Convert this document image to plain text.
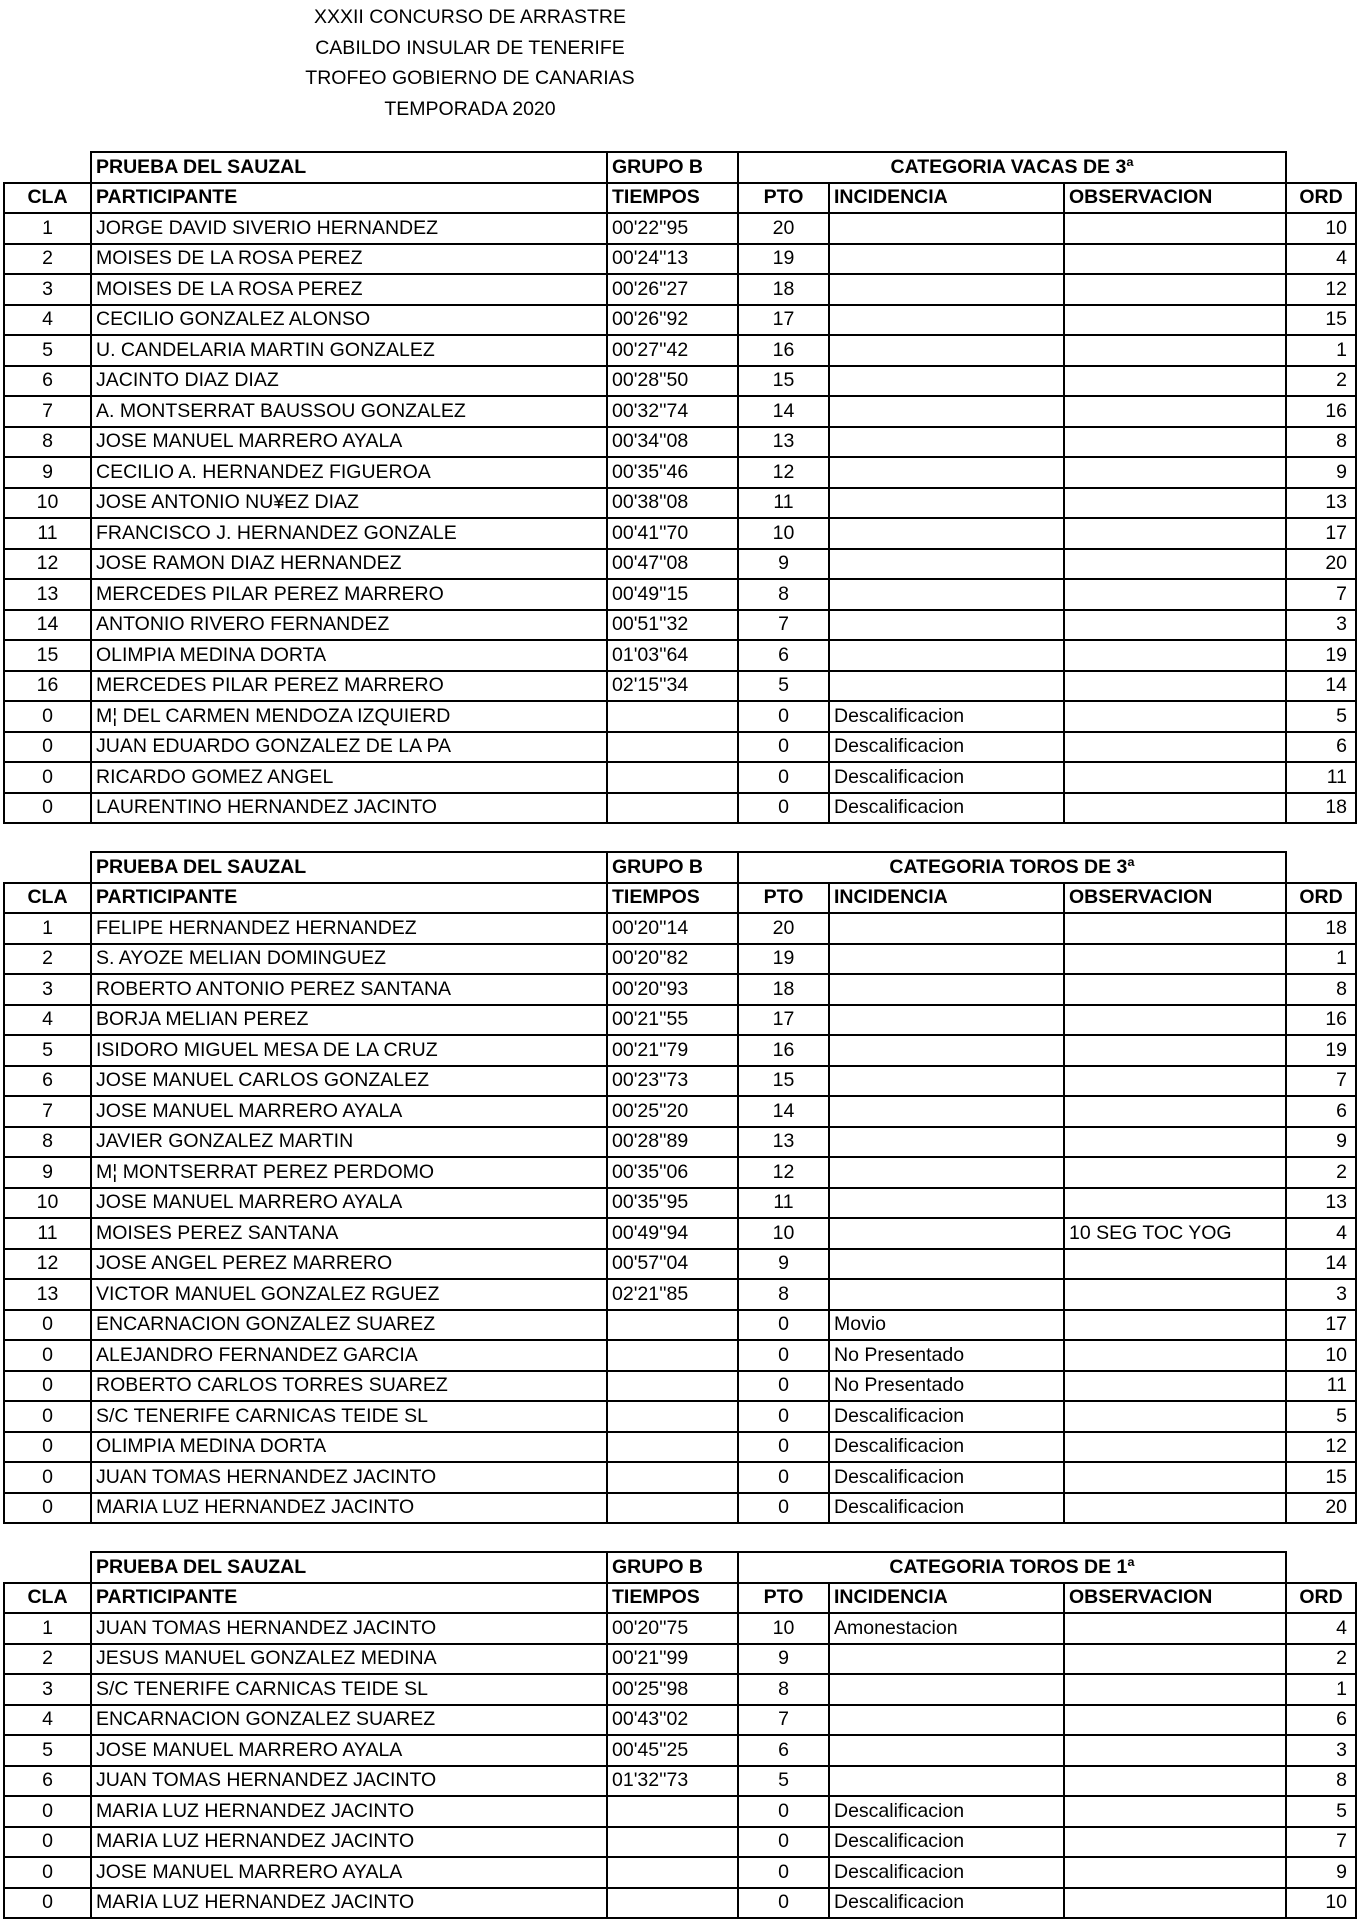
XXXII CONCURSO DE ARRASTRE
CABILDO INSULAR DE TENERIFE
TROFEO GOBIERNO DE CANARIAS
TEMPORADA 2020
	PRUEBA DEL SAUZAL	GRUPO B	CATEGORIA VACAS DE 3ª			
CLA	PARTICIPANTE	TIEMPOS	PTO	INCIDENCIA	OBSERVACION	ORD
1	JORGE DAVID SIVERIO HERNANDEZ	00'22''95	20			10
2	MOISES DE LA ROSA PEREZ	00'24''13	19			4
3	MOISES DE LA ROSA PEREZ	00'26''27	18			12
4	CECILIO GONZALEZ ALONSO	00'26''92	17			15
5	U. CANDELARIA MARTIN GONZALEZ	00'27''42	16			1
6	JACINTO DIAZ DIAZ	00'28''50	15			2
7	A. MONTSERRAT BAUSSOU GONZALEZ	00'32''74	14			16
8	JOSE MANUEL MARRERO AYALA	00'34''08	13			8
9	CECILIO A. HERNANDEZ FIGUEROA	00'35''46	12			9
10	JOSE ANTONIO NU¥EZ DIAZ	00'38''08	11			13
11	FRANCISCO J. HERNANDEZ GONZALE	00'41''70	10			17
12	JOSE RAMON DIAZ HERNANDEZ	00'47''08	9			20
13	MERCEDES PILAR PEREZ MARRERO	00'49''15	8			7
14	ANTONIO RIVERO FERNANDEZ	00'51''32	7			3
15	OLIMPIA MEDINA DORTA	01'03''64	6			19
16	MERCEDES PILAR PEREZ MARRERO	02'15''34	5			14
0	M¦ DEL CARMEN MENDOZA IZQUIERD		0	Descalificacion		5
0	JUAN EDUARDO GONZALEZ DE LA PA		0	Descalificacion		6
0	RICARDO GOMEZ ANGEL		0	Descalificacion		11
0	LAURENTINO HERNANDEZ JACINTO		0	Descalificacion		18
	PRUEBA DEL SAUZAL	GRUPO B	CATEGORIA TOROS DE 3ª			
CLA	PARTICIPANTE	TIEMPOS	PTO	INCIDENCIA	OBSERVACION	ORD
1	FELIPE HERNANDEZ HERNANDEZ	00'20''14	20			18
2	S. AYOZE MELIAN DOMINGUEZ	00'20''82	19			1
3	ROBERTO ANTONIO PEREZ SANTANA	00'20''93	18			8
4	BORJA MELIAN PEREZ	00'21''55	17			16
5	ISIDORO MIGUEL MESA DE LA CRUZ	00'21''79	16			19
6	JOSE MANUEL CARLOS GONZALEZ	00'23''73	15			7
7	JOSE MANUEL MARRERO AYALA	00'25''20	14			6
8	JAVIER GONZALEZ MARTIN	00'28''89	13			9
9	M¦ MONTSERRAT PEREZ PERDOMO	00'35''06	12			2
10	JOSE MANUEL MARRERO AYALA	00'35''95	11			13
11	MOISES PEREZ SANTANA	00'49''94	10		10 SEG TOC YOG	4
12	JOSE ANGEL PEREZ MARRERO	00'57''04	9			14
13	VICTOR MANUEL GONZALEZ RGUEZ	02'21''85	8			3
0	ENCARNACION GONZALEZ SUAREZ		0	Movio		17
0	ALEJANDRO FERNANDEZ GARCIA		0	No Presentado		10
0	ROBERTO CARLOS TORRES SUAREZ		0	No Presentado		11
0	S/C TENERIFE CARNICAS TEIDE SL		0	Descalificacion		5
0	OLIMPIA MEDINA DORTA		0	Descalificacion		12
0	JUAN TOMAS HERNANDEZ JACINTO		0	Descalificacion		15
0	MARIA LUZ HERNANDEZ JACINTO		0	Descalificacion		20
	PRUEBA DEL SAUZAL	GRUPO B	CATEGORIA TOROS DE 1ª			
CLA	PARTICIPANTE	TIEMPOS	PTO	INCIDENCIA	OBSERVACION	ORD
1	JUAN TOMAS HERNANDEZ JACINTO	00'20''75	10	Amonestacion		4
2	JESUS MANUEL GONZALEZ MEDINA	00'21''99	9			2
3	S/C TENERIFE CARNICAS TEIDE SL	00'25''98	8			1
4	ENCARNACION GONZALEZ SUAREZ	00'43''02	7			6
5	JOSE MANUEL MARRERO AYALA	00'45''25	6			3
6	JUAN TOMAS HERNANDEZ JACINTO	01'32''73	5			8
0	MARIA LUZ HERNANDEZ JACINTO		0	Descalificacion		5
0	MARIA LUZ HERNANDEZ JACINTO		0	Descalificacion		7
0	JOSE MANUEL MARRERO AYALA		0	Descalificacion		9
0	MARIA LUZ HERNANDEZ JACINTO		0	Descalificacion		10
